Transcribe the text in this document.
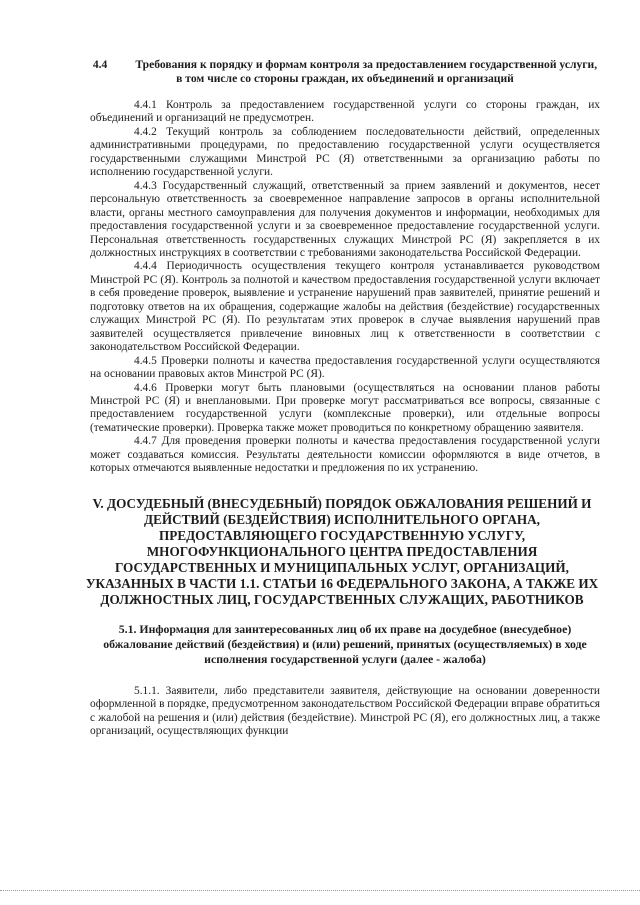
4.4 Требования к порядку и формам контроля за предоставлением государственной услуги, в том числе со стороны граждан, их объединений и организаций

4.4.1 Контроль за предоставлением государственной услуги со стороны граждан, их объединений и организаций не предусмотрен.

4.4.2 Текущий контроль за соблюдением последовательности действий, определенных административными процедурами, по предоставлению государственной услуги осуществляется государственными служащими Минстрой РС (Я) ответственными за организацию работы по исполнению государственной услуги.

4.4.3 Государственный служащий, ответственный за прием заявлений и документов, несет персональную ответственность за своевременное направление запросов в органы исполнительной власти, органы местного самоуправления для получения документов и информации, необходимых для предоставления государственной услуги и за своевременное предоставление государственной услуги. Персональная ответственность государственных служащих Минстрой РС (Я) закрепляется в их должностных инструкциях в соответствии с требованиями законодательства Российской Федерации.

4.4.4 Периодичность осуществления текущего контроля устанавливается руководством Минстрой РС (Я). Контроль за полнотой и качеством предоставления государственной услуги включает в себя проведение проверок, выявление и устранение нарушений прав заявителей, принятие решений и подготовку ответов на их обращения, содержащие жалобы на действия (бездействие) государственных служащих Минстрой РС (Я). По результатам этих проверок в случае выявления нарушений прав заявителей осуществляется привлечение виновных лиц к ответственности в соответствии с законодательством Российской Федерации.

4.4.5 Проверки полноты и качества предоставления государственной услуги осуществляются на основании правовых актов Минстрой РС (Я).

4.4.6 Проверки могут быть плановыми (осуществляться на основании планов работы Минстрой РС (Я) и внеплановыми. При проверке могут рассматриваться все вопросы, связанные с предоставлением государственной услуги (комплексные проверки), или отдельные вопросы (тематические проверки). Проверка также может проводиться по конкретному обращению заявителя.

4.4.7 Для проведения проверки полноты и качества предоставления государственной услуги может создаваться комиссия. Результаты деятельности комиссии оформляются в виде отчетов, в которых отмечаются выявленные недостатки и предложения по их устранению.

V. ДОСУДЕБНЫЙ (ВНЕСУДЕБНЫЙ) ПОРЯДОК ОБЖАЛОВАНИЯ РЕШЕНИЙ И ДЕЙСТВИЙ (БЕЗДЕЙСТВИЯ) ИСПОЛНИТЕЛЬНОГО ОРГАНА, ПРЕДОСТАВЛЯЮЩЕГО ГОСУДАРСТВЕННУЮ УСЛУГУ, МНОГОФУНКЦИОНАЛЬНОГО ЦЕНТРА ПРЕДОСТАВЛЕНИЯ ГОСУДАРСТВЕННЫХ И МУНИЦИПАЛЬНЫХ УСЛУГ, ОРГАНИЗАЦИЙ, УКАЗАННЫХ В ЧАСТИ 1.1. СТАТЬИ 16 ФЕДЕРАЛЬНОГО ЗАКОНА, А ТАКЖЕ ИХ ДОЛЖНОСТНЫХ ЛИЦ, ГОСУДАРСТВЕННЫХ СЛУЖАЩИХ, РАБОТНИКОВ
5.1. Информация для заинтересованных лиц об их праве на досудебное (внесудебное) обжалование действий (бездействия) и (или) решений, принятых (осуществляемых) в ходе исполнения государственной услуги (далее - жалоба)

5.1.1. Заявители, либо представители заявителя, действующие на основании доверенности оформленной в порядке, предусмотренном законодательством Российской Федерации вправе обратиться с жалобой на решения и (или) действия (бездействие). Минстрой РС (Я), его должностных лиц, а также организаций, осуществляющих функции
